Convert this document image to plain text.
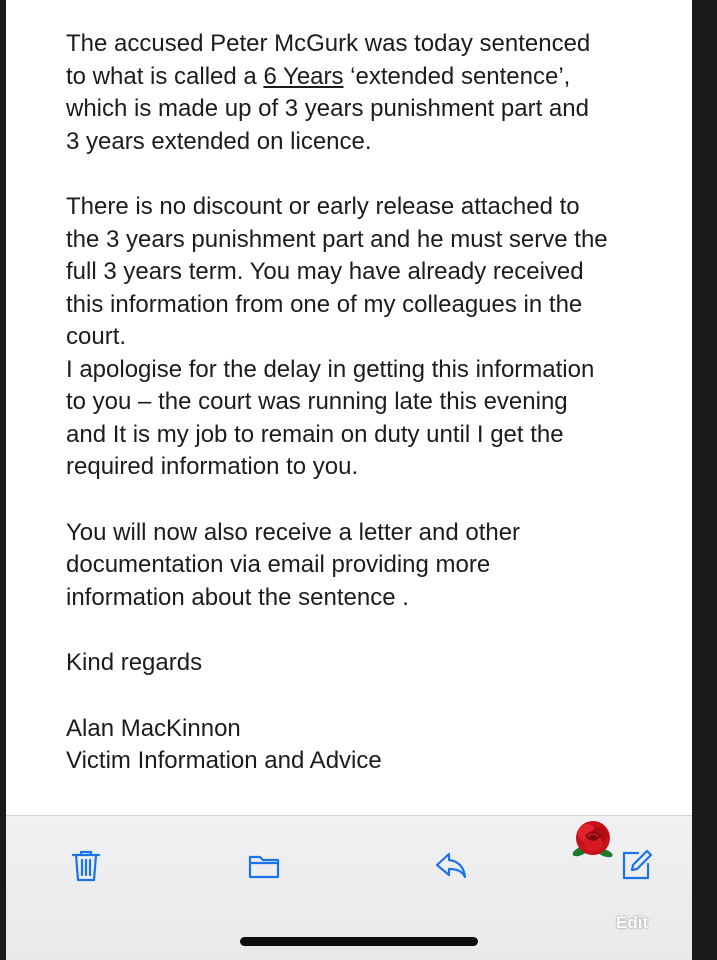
The accused Peter McGurk was today sentenced
to what is called a 6 Years ‘extended sentence’,
which is made up of 3 years punishment part and
3 years extended on licence.

There is no discount or early release attached to
the 3 years punishment part and he must serve the
full 3 years term. You may have already received
this information from one of my colleagues in the
court.

I apologise for the delay in getting this information
to you – the court was running late this evening
and It is my job to remain on duty until I get the
required information to you.

You will now also receive a letter and other
documentation via email providing more
information about the sentence .

Kind regards

Alan MacKinnon
Victim Information and Advice

Edit
